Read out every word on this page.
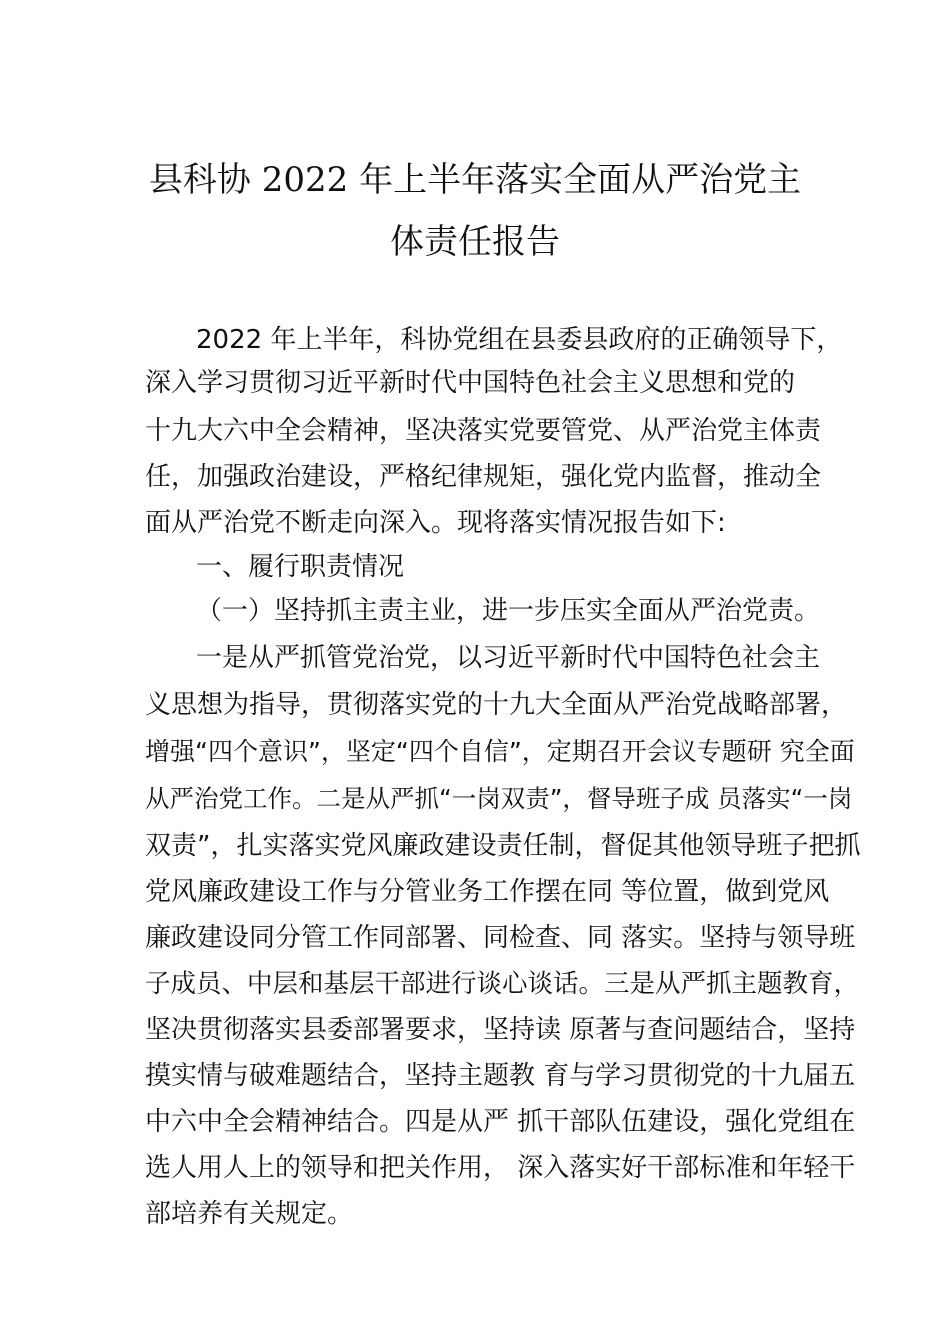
县科协 2022 年上半年落实全面从严治党主
体责任报告

2022 年上半年，科协党组在县委县政府的正确领导下，

深入学习贯彻习近平新时代中国特色社会主义思想和党的

十九大六中全会精神，坚决落实党要管党、从严治党主体责

任，加强政治建设，严格纪律规矩，强化党内监督，推动全

面从严治党不断走向深入。现将落实情况报告如下:

一、履行职责情况

（一）坚持抓主责主业，进一步压实全面从严治党责。

一是从严抓管党治党，以习近平新时代中国特色社会主

义思想为指导，贯彻落实党的十九大全面从严治党战略部署，

增强“四个意识”，坚定“四个自信”，定期召开会议专题研 究全面

从严治党工作。二是从严抓“一岗双责”，督导班子成 员落实“一岗

双责”，扎实落实党风廉政建设责任制，督促其他领导班子把抓

党风廉政建设工作与分管业务工作摆在同 等位置，做到党风

廉政建设同分管工作同部署、同检查、同 落实。坚持与领导班

子成员、中层和基层干部进行谈心谈话。三是从严抓主题教育，

坚决贯彻落实县委部署要求，坚持读 原著与查问题结合，坚持

摸实情与破难题结合，坚持主题教 育与学习贯彻党的十九届五

中六中全会精神结合。四是从严 抓干部队伍建设，强化党组在

选人用人上的领导和把关作用， 深入落实好干部标准和年轻干

部培养有关规定。
